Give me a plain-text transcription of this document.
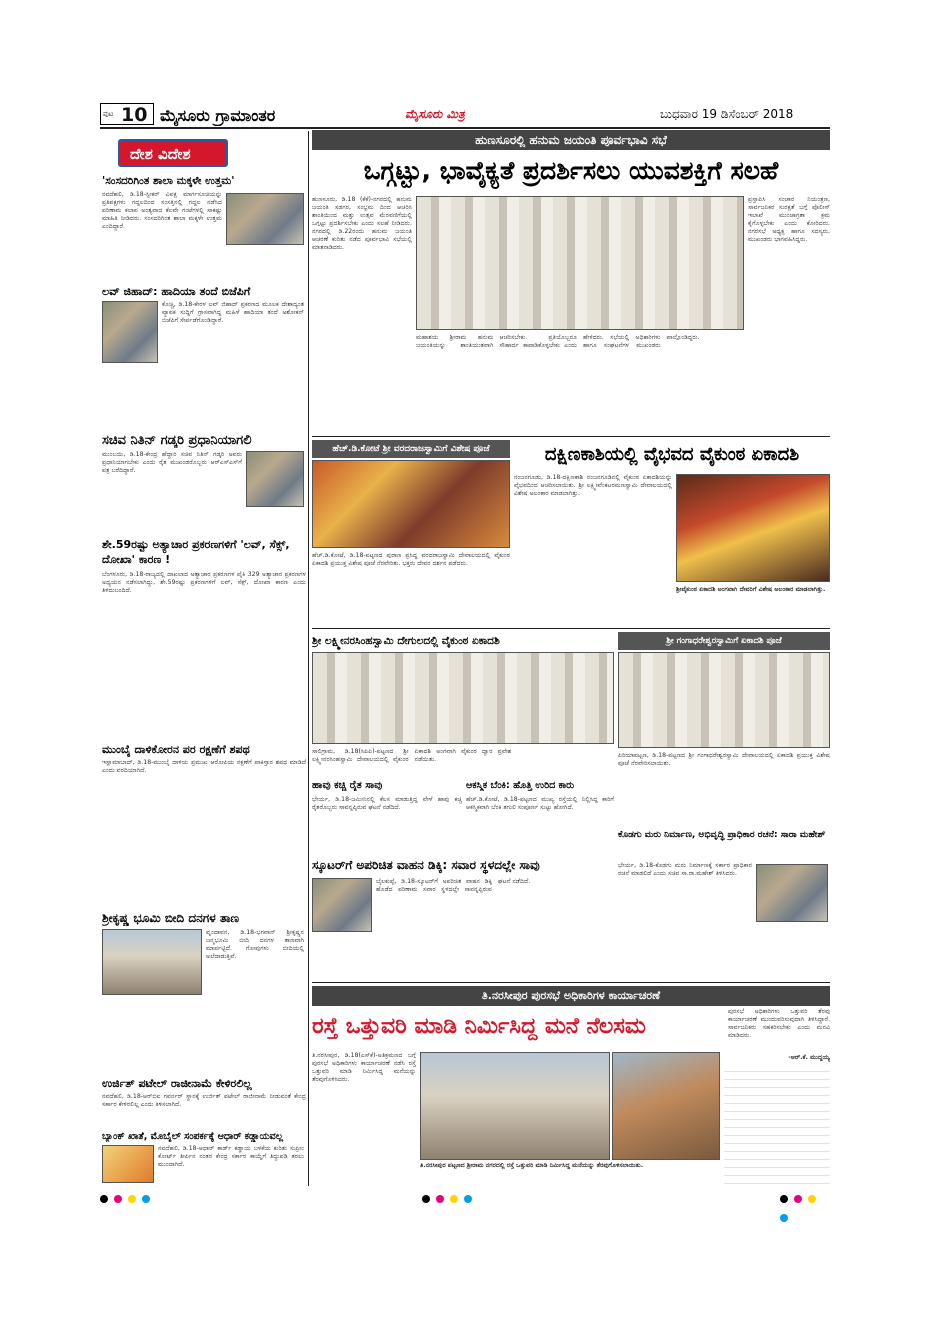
ಪುಟ 10 ಮೈಸೂರು ಗ್ರಾಮಾಂತರ	ಮೈಸೂರು ಮಿತ್ರ	ಬುಧವಾರ 19 ಡಿಸೆಂಬರ್ 2018
ದೇಶ ವಿದೇಶ
'ಸಂಸದರಿಗಿಂತ ಶಾಲಾ ಮಕ್ಕಳೇ ಉತ್ತಮ'
ನವದೆಹಲಿ, ಡಿ.18-ಸ್ಪೀಕರ್ ವಿಪಕ್ಷ ಮಾರ್ಗಸೂಚಿಯನ್ನು ಪ್ರತಿಪಕ್ಷಗಳು ಗದ್ದಲದಿಂದ ಸಂಸತ್ತಿನಲ್ಲಿ ಗದ್ದಲ ನಡೆಸಿದ ಪರಿಣಾಮ ಕಲಾಪ ಅಂತ್ಯವಾದ ಕೆಲವೇ ಗಂಟೆಗಳಲ್ಲಿ ಸಾಕಷ್ಟು ಮಾಹಿತಿ ನೀಡಿದರು. ಸಂಸದರಿಗಿಂತ ಶಾಲಾ ಮಕ್ಕಳೇ ಉತ್ತಮ ಎಂದಿದ್ದಾರೆ.
ಲವ್ ಜಿಹಾದ್: ಹಾದಿಯಾ ತಂದೆ ಬಿಜೆಪಿಗೆ
ಕೊಚ್ಚಿ, ಡಿ.18-ಕೇರಳ ಲವ್ ಜಿಹಾದ್ ಪ್ರಕರಣದ ಮೂಲಕ ದೇಶಾದ್ಯಂತ ವ್ಯಾಪಕ ಸುದ್ದಿಗೆ ಗ್ರಾಸವಾಗಿದ್ದ ಮಹಿಳೆ ಹಾದಿಯಾ ತಂದೆ ಅಶೋಕನ್ ಬಿಜೆಪಿಗೆ ಸೇರ್ಪಡೆಗೊಂಡಿದ್ದಾರೆ.
ಸಚಿವ ನಿತಿನ್ ಗಡ್ಕರಿ ಪ್ರಧಾನಿಯಾಗಲಿ
ಮುಂಬಯಿ, ಡಿ.18-ಕೇಂದ್ರ ಹೆದ್ದಾರಿ ಸಚಿವ ನಿತಿನ್ ಗಡ್ಕರಿ ಅವರು ಪ್ರಧಾನಿಯಾಗಬೇಕು ಎಂದು ರೈತ ಮುಖಂಡರೊಬ್ಬರು ಆರ್‌ಎಸ್‌ಎಸ್‌ಗೆ ಪತ್ರ ಬರೆದಿದ್ದಾರೆ.
ಶೇ.59ರಷ್ಟು ಅತ್ಯಾಚಾರ ಪ್ರಕರಣಗಳಿಗೆ 'ಲವ್, ಸೆಕ್ಸ್, ದೋಖಾ' ಕಾರಣ !
ಬೆಂಗಳೂರು, ಡಿ.18-ರಾಜ್ಯದಲ್ಲಿ ದಾಖಲಾದ ಅತ್ಯಾಚಾರ ಪ್ರಕರಣಗಳ ಪೈಕಿ 329 ಅತ್ಯಾಚಾರ ಪ್ರಕರಣಗಳ ಅಧ್ಯಯನ ನಡೆಸಲಾಗಿದ್ದು, ಶೇ.59ರಷ್ಟು ಪ್ರಕರಣಗಳಿಗೆ ಲವ್, ಸೆಕ್ಸ್, ದೋಖಾ ಕಾರಣ ಎಂದು ತಿಳಿದುಬಂದಿದೆ.
ಮುಂಬೈ ದಾಳಿಕೋರನ ಪರ ರಕ್ಷಣೆಗೆ ಶಪಥ
ಇಸ್ಲಾಮಾಬಾದ್, ಡಿ.18-ಮುಂಬೈ ದಾಳಿಯ ಪ್ರಮುಖ ಆರೋಪಿಯ ರಕ್ಷಣೆಗೆ ಪಾಕಿಸ್ತಾನ ಶಪಥ ಮಾಡಿದೆ ಎಂದು ವರದಿಯಾಗಿದೆ.
ಶ್ರೀಕೃಷ್ಣ ಭೂಮಿ ಬೀದಿ ದನಗಳ ತಾಣ
ವೃಂದಾವನ, ಡಿ.18-ಭಗವಾನ್ ಶ್ರೀಕೃಷ್ಣನ ಜನ್ಮಭೂಮಿ ಬೀದಿ ದನಗಳ ತಾಣವಾಗಿ ಮಾರ್ಪಟ್ಟಿದೆ. ಗೋವುಗಳು ಬೀದಿಯಲ್ಲಿ ಅಲೆದಾಡುತ್ತಿವೆ.
ಉರ್ಜಿತ್ ಪಟೇಲ್ ರಾಜೀನಾಮೆ ಕೇಳಿರಲಿಲ್ಲ
ನವದೆಹಲಿ, ಡಿ.18-ಆರ್‌ಬಿಐ ಗವರ್ನರ್ ಸ್ಥಾನಕ್ಕೆ ಉರ್ಜಿತ್ ಪಟೇಲ್ ರಾಜೀನಾಮೆ ನೀಡುವಂತೆ ಕೇಂದ್ರ ಸರ್ಕಾರ ಕೇಳಿರಲಿಲ್ಲ ಎಂದು ತಿಳಿಸಲಾಗಿದೆ.
ಬ್ಯಾಂಕ್ ಖಾತೆ, ಮೊಬೈಲ್ ಸಂಪರ್ಕಕ್ಕೆ ಆಧಾರ್ ಕಡ್ಡಾಯವಲ್ಲ
ನವದೆಹಲಿ, ಡಿ.18-ಆಧಾರ್ ಕಾರ್ಡ್ ಕಡ್ಡಾಯ ಬಳಕೆಯ ಕುರಿತು ಸುಪ್ರೀಂ ಕೋರ್ಟ್ ತೀರ್ಪಿನ ನಂತರ ಕೇಂದ್ರ ಸರ್ಕಾರ ಕಾಯ್ದೆಗೆ ತಿದ್ದುಪಡಿ ತರಲು ಮುಂದಾಗಿದೆ.
ಹುಣಸೂರಲ್ಲಿ ಹನುಮ ಜಯಂತಿ ಪೂರ್ವಭಾವಿ ಸಭೆ
ಒಗ್ಗಟ್ಟು, ಭಾವೈಕ್ಯತೆ ಪ್ರದರ್ಶಿಸಲು ಯುವಶಕ್ತಿಗೆ ಸಲಹೆ
ಹುಣಸೂರು, ಡಿ.18 (ಕೆಕೆ)-ನಗರದಲ್ಲಿ ಹನುಮ ಜಯಂತಿ ಸಡಗರ, ಸಂಭ್ರಮ ದಿಂದ ಆಚರಿಸಿ ಶಾಂತಿಯಿಂದ ಮತ್ತು ಉತ್ಸವ ಮೆರವಣಿಗೆಯಲ್ಲಿ ಒಗ್ಗಟ್ಟು ಪ್ರದರ್ಶಿಸಬೇಕು ಎಂದು ಸಲಹೆ ನೀಡಿದರು. ನಗರದಲ್ಲಿ ಡಿ.22ರಂದು ಹನುಮ ಜಯಂತಿ ಆಚರಣೆ ಕುರಿತು ನಡೆದ ಪೂರ್ವಭಾವಿ ಸಭೆಯಲ್ಲಿ ಮಾತನಾಡಿದರು.
ಪ್ರಸ್ತಾಪಿಸಿ ಸಂಚಾರ ನಿಯಂತ್ರಣ, ಸಾರ್ವಜನಿಕರ ಸುರಕ್ಷತೆ ಬಗ್ಗೆ ಪೊಲೀಸ್ ಇಲಾಖೆ ಮುಂಜಾಗ್ರತಾ ಕ್ರಮ ಕೈಗೊಳ್ಳಬೇಕು ಎಂದು ಕೋರಿದರು. ನಗರಸಭೆ ಅಧ್ಯಕ್ಷ ಹಾಗೂ ಸದಸ್ಯರು, ಮುಖಂಡರು ಭಾಗವಹಿಸಿದ್ದರು.
ಮಹಾಶಯ ಶ್ರೀರಾಮ ಹನುಮ ಜಯಂತಿಯನ್ನು ಶಾಂತಿಯುತವಾಗಿ ಆಚರಿಸಬೇಕು. ಪ್ರತಿಯೊಬ್ಬರೂ ಸೌಹಾರ್ದ ಕಾಪಾಡಿಕೊಳ್ಳಬೇಕು ಎಂದು ಹೇಳಿದರು. ಸಭೆಯಲ್ಲಿ ಅಧಿಕಾರಿಗಳು ಹಾಗೂ ಸಂಘಟನೆಗಳ ಮುಖಂಡರು ಪಾಲ್ಗೊಂಡಿದ್ದರು.
ಹೆಚ್.ಡಿ.ಕೋಟೆ ಶ್ರೀ ವರದರಾಜಸ್ವಾಮಿಗೆ ವಿಶೇಷ ಪೂಜೆ
ಹೆಚ್.ಡಿ.ಕೋಟೆ, ಡಿ.18-ಪಟ್ಟಣದ ಪುರಾಣ ಪ್ರಸಿದ್ಧ ವರದರಾಜಸ್ವಾಮಿ ದೇವಾಲಯದಲ್ಲಿ ವೈಕುಂಠ ಏಕಾದಶಿ ಪ್ರಯುಕ್ತ ವಿಶೇಷ ಪೂಜೆ ನೆರವೇರಿತು. ಭಕ್ತರು ದೇವರ ದರ್ಶನ ಪಡೆದರು.
ದಕ್ಷಿಣಕಾಶಿಯಲ್ಲಿ ವೈಭವದ ವೈಕುಂಠ ಏಕಾದಶಿ
ನಂಜನಗೂಡು, ಡಿ.18-ದಕ್ಷಿಣಕಾಶಿ ನಂಜನಗೂಡಿನಲ್ಲಿ ವೈಕುಂಠ ಏಕಾದಶಿಯನ್ನು ವೈಭವದಿಂದ ಆಚರಿಸಲಾಯಿತು. ಶ್ರೀ ಲಕ್ಷ್ಮೀವೆಂಕಟರಮಣಸ್ವಾಮಿ ದೇವಾಲಯದಲ್ಲಿ ವಿಶೇಷ ಅಲಂಕಾರ ಮಾಡಲಾಗಿತ್ತು.
ಶ್ರೀವೈಕುಂಠ ಏಕಾದಶಿ ಅಂಗವಾಗಿ ದೇವರಿಗೆ ವಿಶೇಷ ಅಲಂಕಾರ ಮಾಡಲಾಗಿತ್ತು.
ಶ್ರೀ ಲಕ್ಷ್ಮೀನರಸಿಂಹಸ್ವಾಮಿ ದೇಗುಲದಲ್ಲಿ ವೈಕುಂಠ ಏಕಾದಶಿ
ಸಾಲಿಗ್ರಾಮ, ಡಿ.18(ಸಿಪಿಪಿ)-ಪಟ್ಟಣದ ಶ್ರೀ ಲಕ್ಷ್ಮೀನರಸಿಂಹಸ್ವಾಮಿ ದೇವಾಲಯದಲ್ಲಿ ವೈಕುಂಠ ಏಕಾದಶಿ ಅಂಗವಾಗಿ ವೈಕುಂಠ ದ್ವಾರ ಪ್ರವೇಶ ನಡೆಯಿತು.
ಹಾವು ಕಚ್ಚಿ ರೈತ ಸಾವು
ಭೇರ್ಯ, ಡಿ.18-ಜಮೀನಿನಲ್ಲಿ ಕೆಲಸ ಮಾಡುತ್ತಿದ್ದ ವೇಳೆ ಹಾವು ಕಚ್ಚಿ ರೈತರೊಬ್ಬರು ಸಾವನ್ನಪ್ಪಿರುವ ಘಟನೆ ನಡೆದಿದೆ.
ಆಕಸ್ಮಿಕ ಬೆಂಕಿ: ಹೊತ್ತಿ ಉರಿದ ಕಾರು
ಹೆಚ್.ಡಿ.ಕೋಟೆ, ಡಿ.18-ಪಟ್ಟಣದ ಮುಖ್ಯ ರಸ್ತೆಯಲ್ಲಿ ನಿಲ್ಲಿಸಿದ್ದ ಕಾರಿಗೆ ಆಕಸ್ಮಿಕವಾಗಿ ಬೆಂಕಿ ತಗುಲಿ ಸಂಪೂರ್ಣ ಸುಟ್ಟು ಹೋಗಿದೆ.
ಶ್ರೀ ಗಂಗಾಧರೇಶ್ವರಸ್ವಾಮಿಗೆ ಏಕಾದಶಿ ಪೂಜೆ
ಪಿರಿಯಾಪಟ್ಟಣ, ಡಿ.18-ಪಟ್ಟಣದ ಶ್ರೀ ಗಂಗಾಧರೇಶ್ವರಸ್ವಾಮಿ ದೇವಾಲಯದಲ್ಲಿ ಏಕಾದಶಿ ಪ್ರಯುಕ್ತ ವಿಶೇಷ ಪೂಜೆ ನೆರವೇರಿಸಲಾಯಿತು.
ಕೊಡಗು ಮರು ನಿರ್ಮಾಣ, ಅಭಿವೃದ್ಧಿ ಪ್ರಾಧಿಕಾರ ರಚನೆ: ಸಾರಾ ಮಹೇಶ್
ಭೇರ್ಯ, ಡಿ.18-ಕೊಡಗು ಮರು ನಿರ್ಮಾಣಕ್ಕೆ ಸರ್ಕಾರ ಪ್ರಾಧಿಕಾರ ರಚನೆ ಮಾಡಲಿದೆ ಎಂದು ಸಚಿವ ಸಾ.ರಾ.ಮಹೇಶ್ ತಿಳಿಸಿದರು.
ಸ್ಕೂಟರ್‌ಗೆ ಅಪರಿಚಿತ ವಾಹನ ಡಿಕ್ಕಿ: ಸವಾರ ಸ್ಥಳದಲ್ಲೇ ಸಾವು
ಬೈಲಕುಪ್ಪೆ, ಡಿ.18-ಸ್ಕೂಟರ್‌ಗೆ ಅಪರಿಚಿತ ವಾಹನ ಡಿಕ್ಕಿ ಹೊಡೆದ ಪರಿಣಾಮ ಸವಾರ ಸ್ಥಳದಲ್ಲೇ ಸಾವನ್ನಪ್ಪಿರುವ ಘಟನೆ ನಡೆದಿದೆ.
ತಿ.ನರಸೀಪುರ ಪುರಸಭೆ ಅಧಿಕಾರಿಗಳ ಕಾರ್ಯಾಚರಣೆ
ರಸ್ತೆ ಒತ್ತುವರಿ ಮಾಡಿ ನಿರ್ಮಿಸಿದ್ದ ಮನೆ ನೆಲಸಮ
ಪುರಸಭೆ ಅಧಿಕಾರಿಗಳು ಒತ್ತುವರಿ ತೆರವು ಕಾರ್ಯಾಚರಣೆ ಮುಂದುವರಿಸುವುದಾಗಿ ತಿಳಿಸಿದ್ದಾರೆ. ಸಾರ್ವಜನಿಕರು ಸಹಕರಿಸಬೇಕು ಎಂದು ಮನವಿ ಮಾಡಿದರು.
-ಆರ್.ಕೆ. ಮುದ್ದಯ್ಯ
ತಿ.ನರಸೀಪುರ, ಡಿ.18(ಎಸ್‌ಕೆ)-ಅತಿಕ್ರಮಣದ ಬಗ್ಗೆ ಪುರಸಭೆ ಅಧಿಕಾರಿಗಳು ಕಾರ್ಯಾಚರಣೆ ನಡೆಸಿ ರಸ್ತೆ ಒತ್ತುವರಿ ಮಾಡಿ ನಿರ್ಮಿಸಿದ್ದ ಮನೆಯನ್ನು ತೆರವುಗೊಳಿಸಿದರು.
ತಿ.ನರಸೀಪುರ ಪಟ್ಟಣದ ಶ್ರೀರಾಮ ನಗರದಲ್ಲಿ ರಸ್ತೆ ಒತ್ತುವರಿ ಮಾಡಿ ನಿರ್ಮಿಸಿದ್ದ ಮನೆಯನ್ನು ತೆರವುಗೊಳಿಸಲಾಯಿತು.
